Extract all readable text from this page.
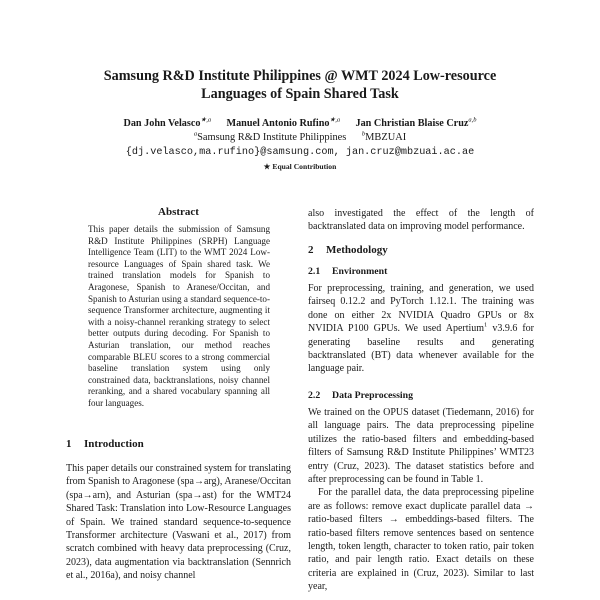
Samsung R&D Institute Philippines @ WMT 2024 Low-resource
Languages of Spain Shared Task
Dan John Velasco$^{★,a}$ Manuel Antonio Rufino$^{★,a}$ Jan Christian Blaise Cruz$^{a,b}$
$^a$Samsung R&D Institute Philippines $^b$MBZUAI
{dj.velasco,ma.rufino}@samsung.com, jan.cruz@mbzuai.ac.ae
★ Equal Contribution
Abstract
This paper details the submission of Samsung R&D Institute Philippines (SRPH) Language Intelligence Team (LIT) to the WMT 2024 Low-resource Languages of Spain shared task. We trained translation models for Spanish to Aragonese, Spanish to Aranese/Occitan, and Spanish to Asturian using a standard sequence-to-sequence Transformer architecture, augmenting it with a noisy-channel reranking strategy to select better outputs during decoding. For Spanish to Asturian translation, our method reaches comparable BLEU scores to a strong commercial baseline translation system using only constrained data, backtranslations, noisy channel reranking, and a shared vocabulary spanning all four languages.
1 Introduction
This paper details our constrained system for translating from Spanish to Aragonese (spa→arg), Aranese/Occitan (spa→arn), and Asturian (spa→ast) for the WMT24 Shared Task: Translation into Low-Resource Languages of Spain. We trained standard sequence-to-sequence Transformer architecture (Vaswani et al., 2017) from scratch combined with heavy data preprocessing (Cruz, 2023), data augmentation via backtranslation (Sennrich et al., 2016a), and noisy channel
also investigated the effect of the length of backtranslated data on improving model performance.
2 Methodology
2.1 Environment
For preprocessing, training, and generation, we used fairseq 0.12.2 and PyTorch 1.12.1. The training was done on either 2x NVIDIA Quadro GPUs or 8x NVIDIA P100 GPUs. We used Apertium$^1$ v3.9.6 for generating baseline results and generating backtranslated (BT) data whenever available for the language pair.
2.2 Data Preprocessing
We trained on the OPUS dataset (Tiedemann, 2016) for all language pairs. The data preprocessing pipeline utilizes the ratio-based filters and embedding-based filters of Samsung R&D Institute Philippines’ WMT23 entry (Cruz, 2023). The dataset statistics before and after preprocessing can be found in Table 1.
For the parallel data, the data preprocessing pipeline are as follows: remove exact duplicate parallel data → ratio-based filters → embeddings-based filters. The ratio-based filters remove sentences based on sentence length, token length, character to token ratio, pair token ratio, and pair length ratio. Exact details on these criteria are explained in (Cruz, 2023). Similar to last year,
